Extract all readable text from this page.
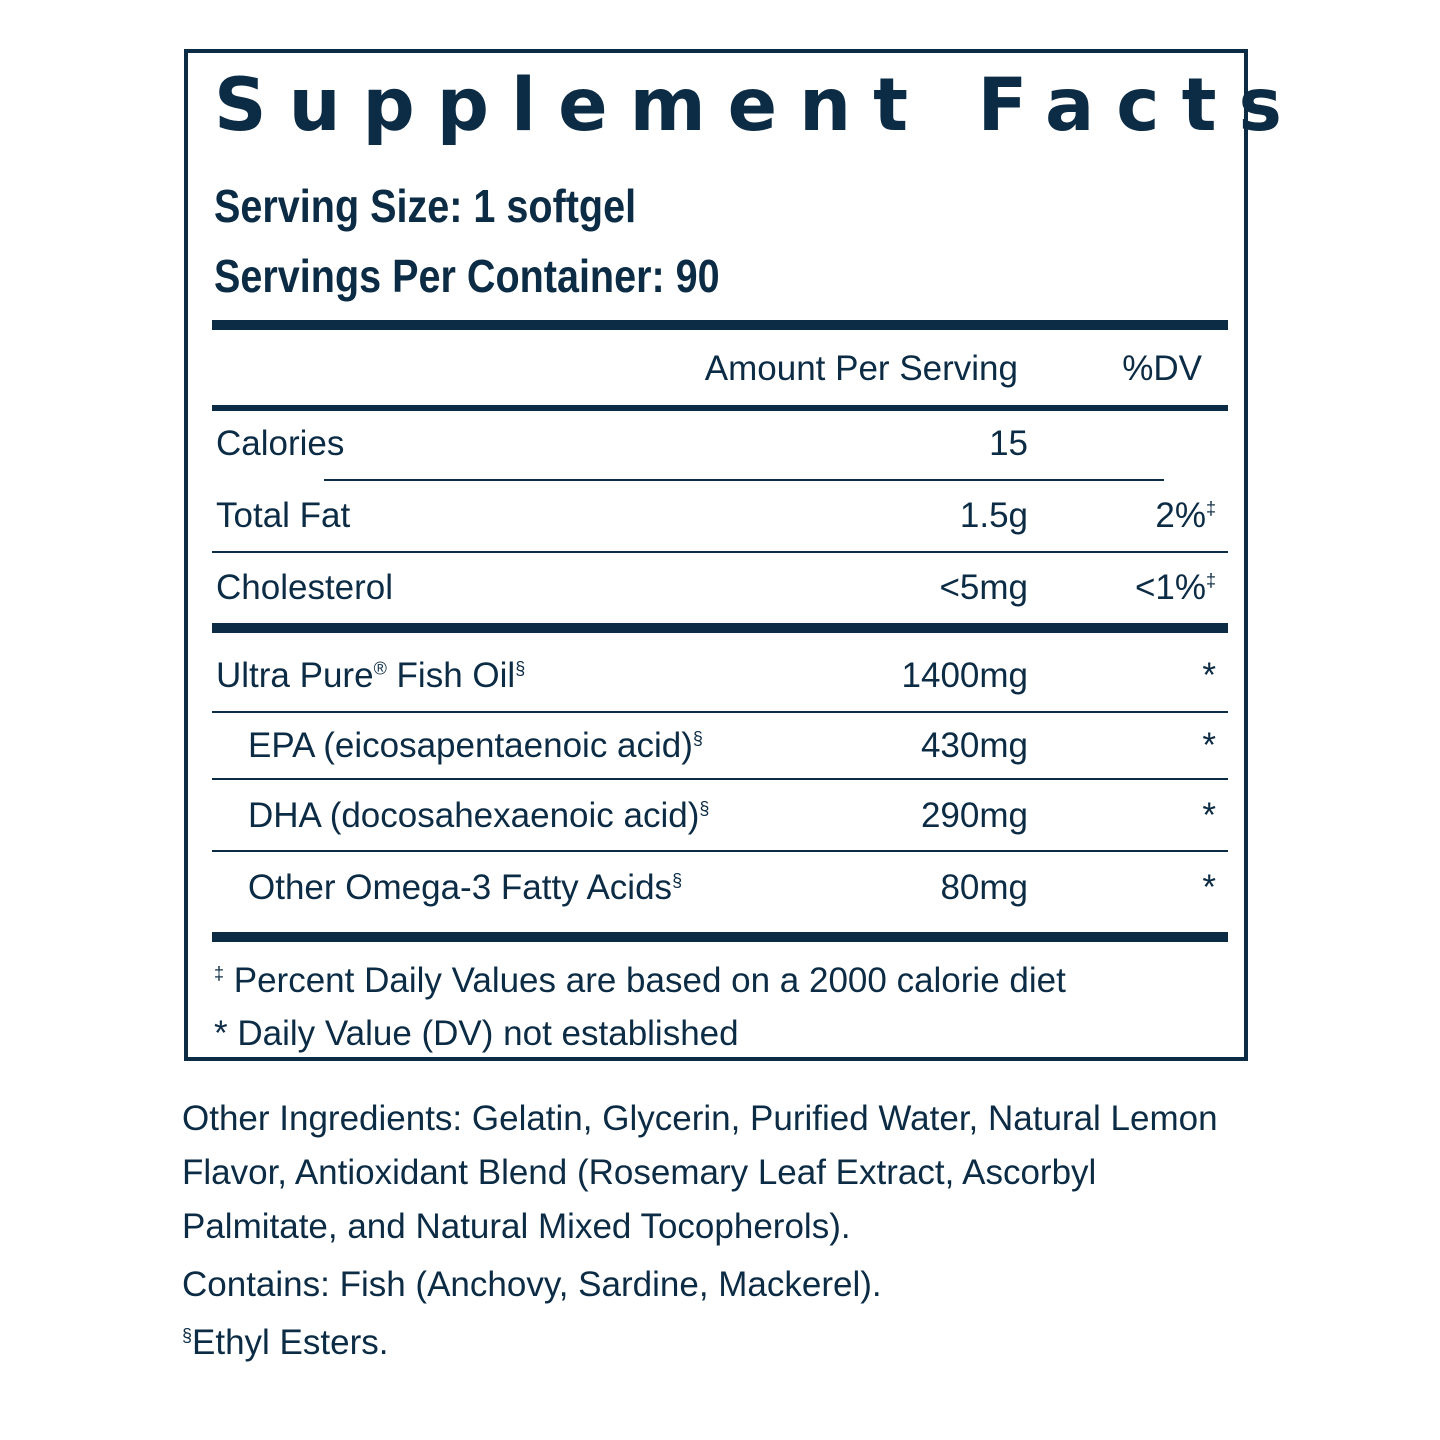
Supplement Facts
Serving Size: 1 softgel
Servings Per Container: 90
Amount Per Serving	%DV
Calories	15
Total Fat	1.5g	2%‡
Cholesterol	<5mg	<1%‡
Ultra Pure® Fish Oil§	1400mg	*
EPA (eicosapentaenoic acid)§	430mg	*
DHA (docosahexaenoic acid)§	290mg	*
Other Omega-3 Fatty Acids§	80mg	*
‡ Percent Daily Values are based on a 2000 calorie diet
* Daily Value (DV) not established

Other Ingredients: Gelatin, Glycerin, Purified Water, Natural Lemon Flavor, Antioxidant Blend (Rosemary Leaf Extract, Ascorbyl Palmitate, and Natural Mixed Tocopherols).

Contains: Fish (Anchovy, Sardine, Mackerel).

§Ethyl Esters.
